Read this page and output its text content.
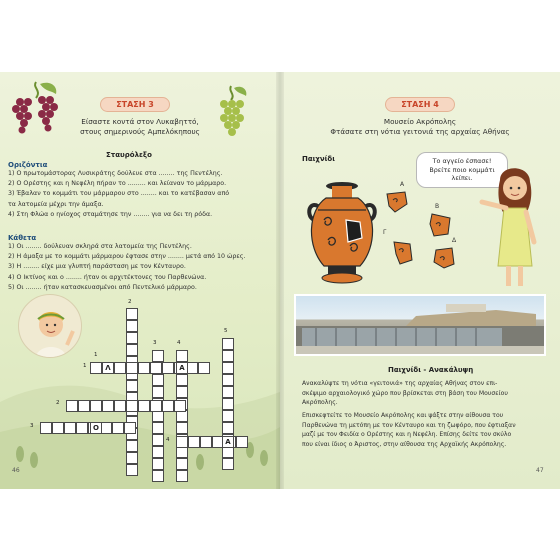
ΣΤΑΣΗ 3
Είσαστε κοντά στον Λυκαβηττό,
στους σημερινούς Αμπελόκηπους
Σταυρόλεξο
Οριζόντια
1) Ο πρωτομάστορας Λυσικράτης δούλευε στα ........ της Πεντέλης.
2) Ο Ορέστης και η Νεφέλη πήραν το ......... και λείαναν το μάρμαρο.
3) Έβαλαν το κομμάτι του μάρμαρου στο ........ και το κατέβασαν από
τα λατομεία μέχρι την άμαξα.
4) Στη Φλώα ο ηνίοχος σταμάτησε την ........ για να δει τη ρόδα.
Κάθετα
1) Οι ........ δούλευαν σκληρά στα λατομεία της Πεντέλης.
2) Η άμαξα με το κομμάτι μάρμαρου έφτασε στην ........ μετά από 10 ώρες.
3) Η ........ είχε μια γλυπτή παράσταση με τον Κένταυρο.
4) Ο Ικτίνος και ο ........ ήταν οι αρχιτέκτονες του Παρθενώνα.
5) Οι ........ ήταν κατασκευασμένοι από Πεντελικό μάρμαρο.
Λ	Α
Ο
Α
1
2
3	4
5
1
2
3
4
46
ΣΤΑΣΗ 4
Μουσείο Ακρόπολης
Φτάσατε στη νότια γειτονιά της αρχαίας Αθήνας
Παιχνίδι
Α
Β
Γ
Δ
Το αγγείο έσπασε!
Βρείτε ποιο κομμάτι
λείπει.
Παιχνίδι - Ανακάλυψη
Ανακαλύψτε τη νότια «γειτονιά» της αρχαίας Αθήνας στον επι-
σκέψιμο αρχαιολογικό χώρο που βρίσκεται στη βάση του Μουσείου
Ακρόπολης.
Επισκεφτείτε το Μουσείο Ακρόπολης και ψάξτε στην αίθουσα του
Παρθενώνα τη μετόπη με τον Κένταυρο και τη ζωφόρο, που έφτιαξαν
μαζί με τον Φειδία ο Ορέστης και η Νεφέλη. Επίσης δείτε τον σκύλο
που είναι ίδιος ο Άριστος, στην αίθουσα της Αρχαϊκής Ακρόπολης.
47
